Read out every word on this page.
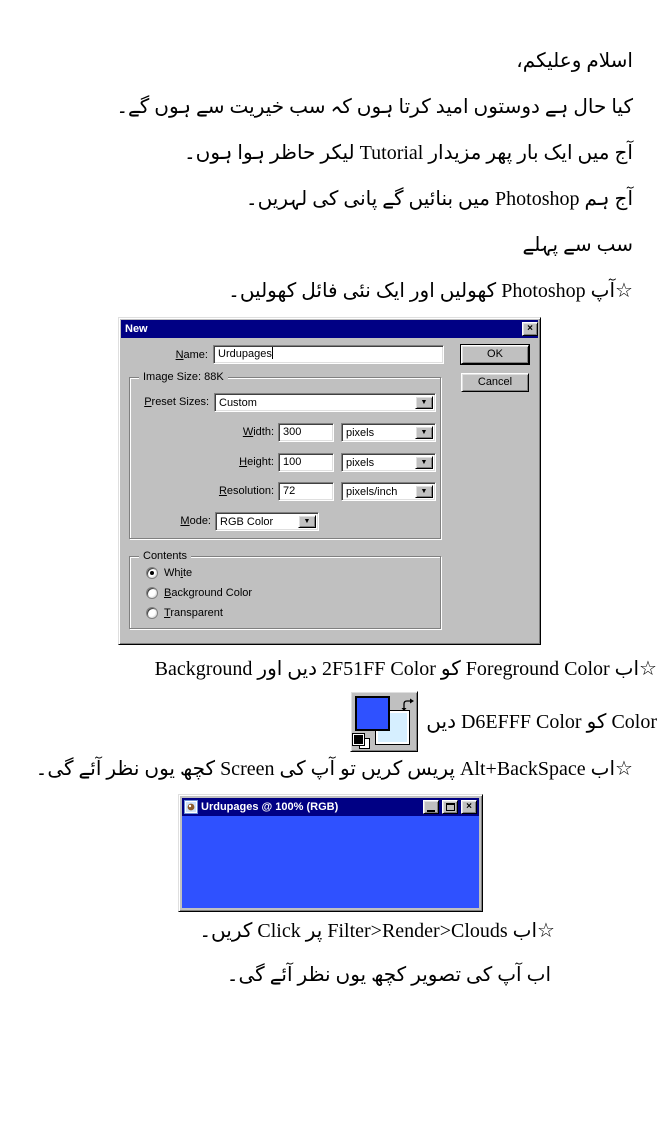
اسلام وعلیکم،
کیا حال ہے دوستوں امید کرتا ہوں کہ سب خیریت سے ہوں گے۔
آج میں ایک بار پھر مزیدار Tutorial لیکر حاظر ہوا ہوں۔
آج ہم Photoshop میں بنائیں گے پانی کی لہریں۔
سب سے پہلے
☆آپ Photoshop کھولیں اور ایک نئی فائل کھولیں۔
New	×
Name: Urdupages	OK
Cancel
Image Size: 88K
Preset Sizes: Custom	▼
Width: 300	pixels	▼
Height: 100	pixels	▼
Resolution: 72	pixels/inch	▼
Mode: RGB Color	▼
Contents
White
Background Color
Transparent
☆اب Foreground Color کو 2F51FF Color دیں اور Background
Color کو D6EFFF Color دیں
☆اب Alt+BackSpace پریس کریں تو آپ کی Screen کچھ یوں نظر آئے گی۔
Urdupages @ 100% (RGB)	×
☆اب Filter>Render>Clouds پر Click کریں۔
اب آپ کی تصویر کچھ یوں نظر آئے گی۔
